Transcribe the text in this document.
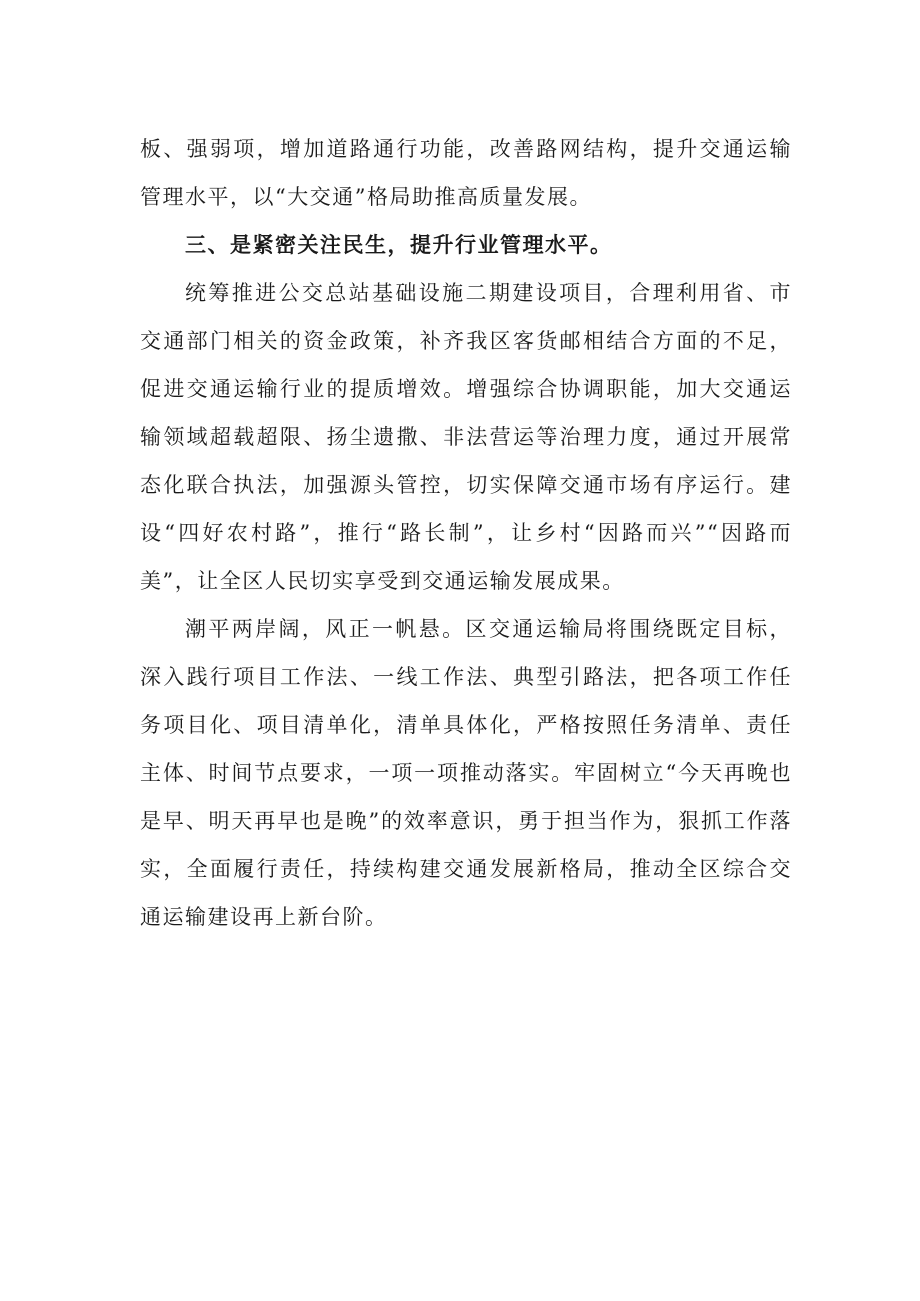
板、强弱项，增加道路通行功能，改善路网结构，提升交通运输管理水平，以“大交通”格局助推高质量发展。

三、是紧密关注民生，提升行业管理水平。

统筹推进公交总站基础设施二期建设项目，合理利用省、市交通部门相关的资金政策，补齐我区客货邮相结合方面的不足，促进交通运输行业的提质增效。增强综合协调职能，加大交通运输领域超载超限、扬尘遗撒、非法营运等治理力度，通过开展常态化联合执法，加强源头管控，切实保障交通市场有序运行。建设“四好农村路”，推行“路长制”，让乡村“因路而兴”“因路而美”，让全区人民切实享受到交通运输发展成果。

潮平两岸阔，风正一帆悬。区交通运输局将围绕既定目标，深入践行项目工作法、一线工作法、典型引路法，把各项工作任务项目化、项目清单化，清单具体化，严格按照任务清单、责任主体、时间节点要求，一项一项推动落实。牢固树立“今天再晚也是早、明天再早也是晚”的效率意识，勇于担当作为，狠抓工作落实，全面履行责任，持续构建交通发展新格局，推动全区综合交通运输建设再上新台阶。
